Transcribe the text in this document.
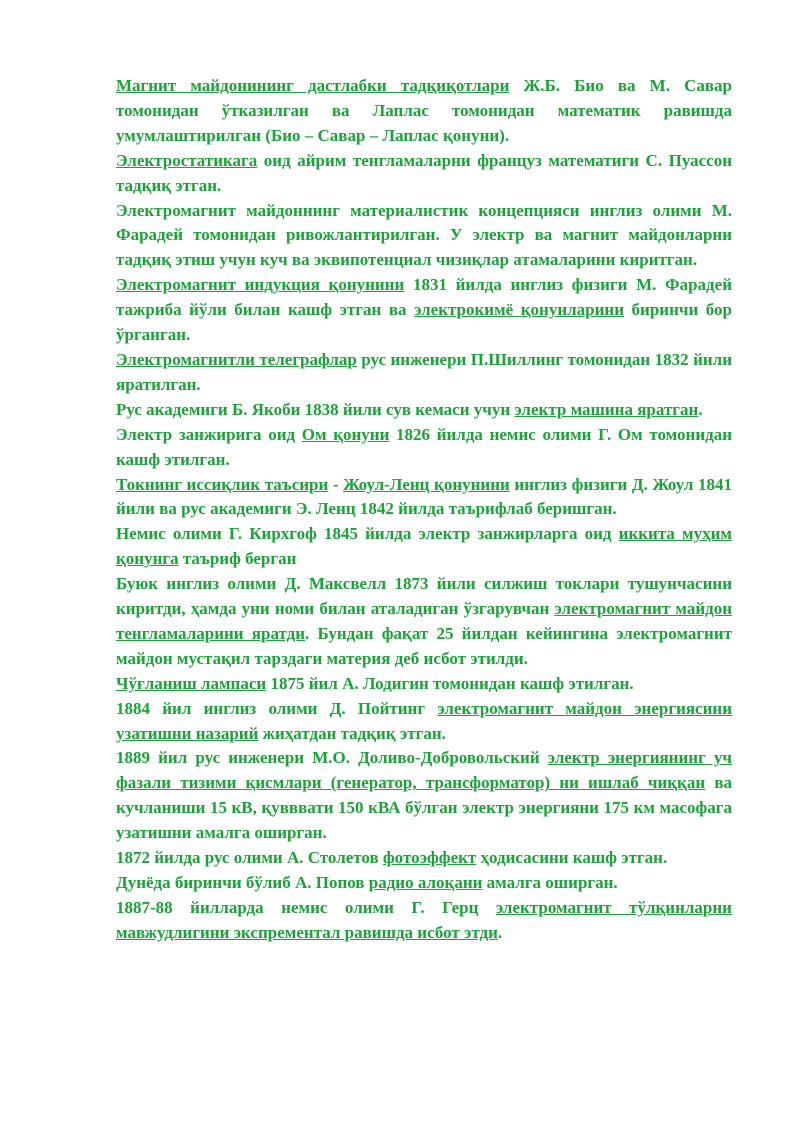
Магнит майдонининг дастлабки тадқиқотлари Ж.Б. Био ва М. Савар томонидан ўтказилган ва Лаплас томонидан математик равишда умумлаштирилган (Био – Савар – Лаплас қонуни).

Электростатикага оид айрим тенгламаларни француз математиги С. Пуассон тадқиқ этган.

Электромагнит майдоннинг материалистик концепцияси инглиз олими М. Фарадей томонидан ривожлантирилган. У электр ва магнит майдонларни тадқиқ этиш учун куч ва эквипотенциал чизиқлар атамаларини киритган.

Электромагнит индукция қонунини 1831 йилда инглиз физиги М. Фарадей тажриба йўли билан кашф этган ва электрокимё қонунларини биринчи бор ўрганган.

Электромагнитли телеграфлар рус инженери П.Шиллинг томонидан 1832 йили яратилган.

Рус академиги Б. Якоби 1838 йили сув кемаси учун электр машина яратган.

Электр занжирига оид Ом қонуни 1826 йилда немис олими Г. Ом томонидан кашф этилган.

Токнинг иссиқлик таъсири - Жоул-Ленц қонунини инглиз физиги Д. Жоул 1841 йили ва рус академиги Э. Ленц 1842 йилда таърифлаб беришган.

Немис олими Г. Кирхгоф 1845 йилда электр занжирларга оид иккита муҳим қонунга таъриф берган

Буюк инглиз олими Д. Максвелл 1873 йили силжиш токлари тушунчасини киритди, ҳамда уни номи билан аталадиган ўзгарувчан электромагнит майдон тенгламаларини яратди. Бундан фақат 25 йилдан кейингина электромагнит майдон мустақил тарздаги материя деб исбот этилди.

Чўғланиш лампаси 1875 йил А. Лодигин томонидан кашф этилган.

1884 йил инглиз олими Д. Пойтинг электромагнит майдон энергиясини узатишни назарий жиҳатдан тадқиқ этган.

1889 йил рус инженери М.О. Доливо-Добровольский электр энергиянинг уч фазали тизими қисмлари (генератор, трансформатор) ни ишлаб чиққан ва кучланиши 15 кВ, қувввати 150 кВА бўлган электр энергияни 175 км масофага узатишни амалга оширган.

1872 йилда рус олими А. Столетов фотоэффект ҳодисасини кашф этган.

Дунёда биринчи бўлиб А. Попов радио алоқани амалга оширган.

1887-88 йилларда немис олими Г. Герц электромагнит тўлқинларни мавжудлигини экспрементал равишда исбот этди.
